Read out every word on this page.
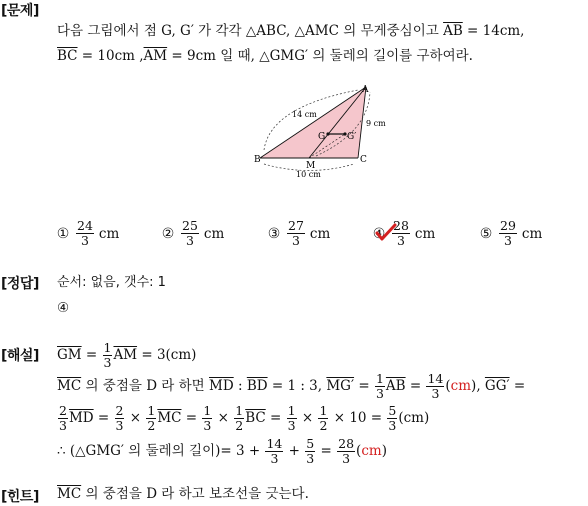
[문제]
다음 그림에서 점 G, G′ 가 각각 △ABC, △AMC 의 무게중심이고 $\overline{AB} = 14cm$,
$\overline{BC} = 10cm$ $,\overline{AM} = 9cm$ 일 때, △GMG′ 의 둘레의 길이를 구하여라.
A
B	C
M
G G′
14 cm
9 cm
10 cm
① $\frac{24}{3}$ cm	② $\frac{25}{3}$ cm	③ $\frac{27}{3}$ cm	④ $\frac{28}{3}$ cm	⑤ $\frac{29}{3}$ cm
[정답] 순서: 없음, 갯수: 1
④
[해설] $\overline{GM} = \frac{1}{3} \overline{AM} = 3(cm)$
$\overline{MC}$ 의 중점을 D 라 하면 $\overline{MD}$ : $\overline{BD} = 1$ : 3, $MG' = \frac{1}{3} \overline{AB} = \frac{14}{3} (cm)$, GG′ =
$\frac{2}{3} \overline{MD} = \frac{2}{3} \times \frac{1}{2} \overline{MC} = \frac{1}{3} \times \frac{1}{2} \overline{BC} = \frac{1}{3} \times \frac{1}{2} \times 10 = \frac{5}{3} (cm)$
∴ (△GMG′ 의 둘레의 길이)= $3 + \frac{14}{3} + \frac{5}{3} = \frac{28}{3} (cm)$
[힌트] $\overline{MC}$ 의 중점을 D 라 하고 보조선을 긋는다.
